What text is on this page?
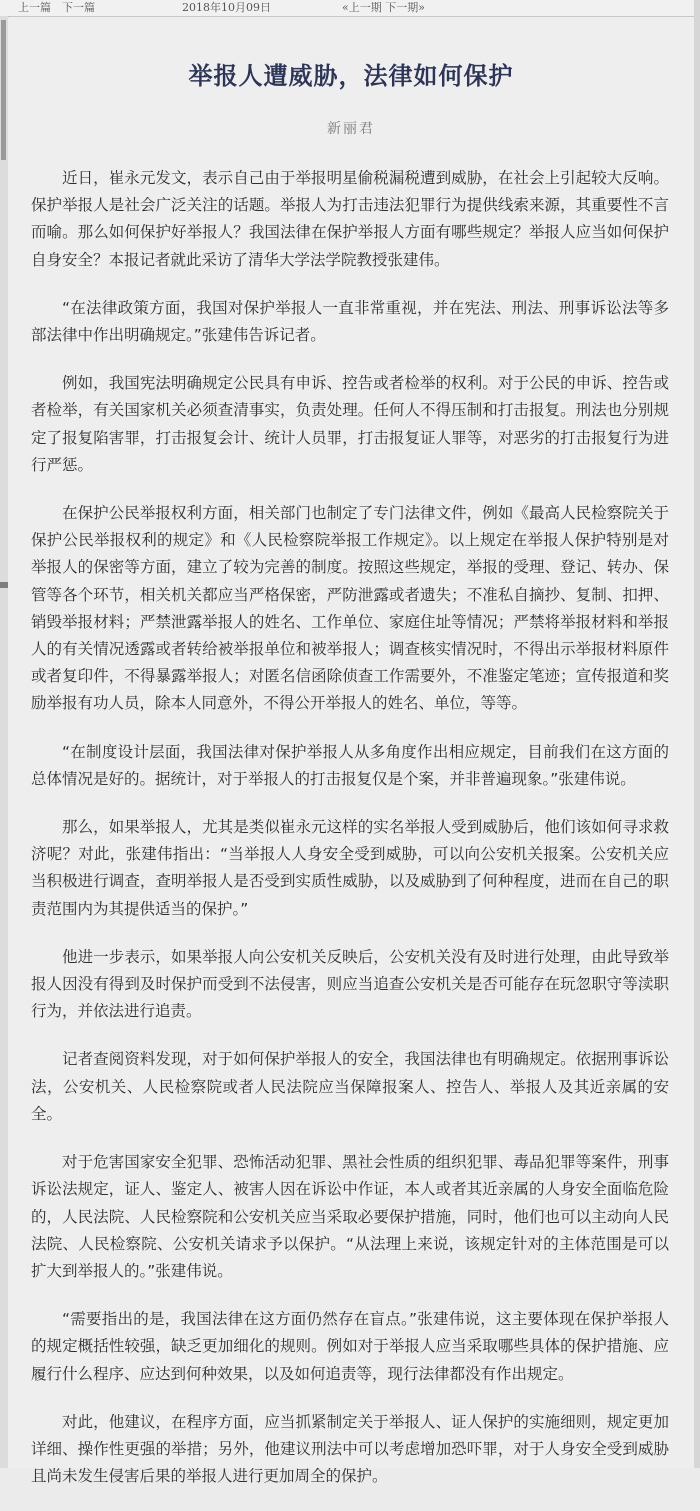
上一篇 下一篇	2018年10月09日	«上一期 下一期»
举报人遭威胁，法律如何保护
新丽君

近日，崔永元发文，表示自己由于举报明星偷税漏税遭到威胁，在社会上引起较大反响。保护举报人是社会广泛关注的话题。举报人为打击违法犯罪行为提供线索来源，其重要性不言而喻。那么如何保护好举报人？我国法律在保护举报人方面有哪些规定？举报人应当如何保护自身安全？本报记者就此采访了清华大学法学院教授张建伟。

“在法律政策方面，我国对保护举报人一直非常重视，并在宪法、刑法、刑事诉讼法等多部法律中作出明确规定。”张建伟告诉记者。

例如，我国宪法明确规定公民具有申诉、控告或者检举的权利。对于公民的申诉、控告或者检举，有关国家机关必须查清事实，负责处理。任何人不得压制和打击报复。刑法也分别规定了报复陷害罪，打击报复会计、统计人员罪，打击报复证人罪等，对恶劣的打击报复行为进行严惩。

在保护公民举报权利方面，相关部门也制定了专门法律文件，例如《最高人民检察院关于保护公民举报权利的规定》和《人民检察院举报工作规定》。以上规定在举报人保护特别是对举报人的保密等方面，建立了较为完善的制度。按照这些规定，举报的受理、登记、转办、保管等各个环节，相关机关都应当严格保密，严防泄露或者遗失；不准私自摘抄、复制、扣押、销毁举报材料；严禁泄露举报人的姓名、工作单位、家庭住址等情况；严禁将举报材料和举报人的有关情况透露或者转给被举报单位和被举报人；调查核实情况时，不得出示举报材料原件或者复印件，不得暴露举报人；对匿名信函除侦查工作需要外，不准鉴定笔迹；宣传报道和奖励举报有功人员，除本人同意外，不得公开举报人的姓名、单位，等等。

“在制度设计层面，我国法律对保护举报人从多角度作出相应规定，目前我们在这方面的总体情况是好的。据统计，对于举报人的打击报复仅是个案，并非普遍现象。”张建伟说。

那么，如果举报人，尤其是类似崔永元这样的实名举报人受到威胁后，他们该如何寻求救济呢？对此，张建伟指出：“当举报人人身安全受到威胁，可以向公安机关报案。公安机关应当积极进行调查，查明举报人是否受到实质性威胁，以及威胁到了何种程度，进而在自己的职责范围内为其提供适当的保护。”

他进一步表示，如果举报人向公安机关反映后，公安机关没有及时进行处理，由此导致举报人因没有得到及时保护而受到不法侵害，则应当追查公安机关是否可能存在玩忽职守等渎职行为，并依法进行追责。

记者查阅资料发现，对于如何保护举报人的安全，我国法律也有明确规定。依据刑事诉讼法，公安机关、人民检察院或者人民法院应当保障报案人、控告人、举报人及其近亲属的安全。

对于危害国家安全犯罪、恐怖活动犯罪、黑社会性质的组织犯罪、毒品犯罪等案件，刑事诉讼法规定，证人、鉴定人、被害人因在诉讼中作证，本人或者其近亲属的人身安全面临危险的，人民法院、人民检察院和公安机关应当采取必要保护措施，同时，他们也可以主动向人民法院、人民检察院、公安机关请求予以保护。“从法理上来说，该规定针对的主体范围是可以扩大到举报人的。”张建伟说。

“需要指出的是，我国法律在这方面仍然存在盲点。”张建伟说，这主要体现在保护举报人的规定概括性较强，缺乏更加细化的规则。例如对于举报人应当采取哪些具体的保护措施、应履行什么程序、应达到何种效果，以及如何追责等，现行法律都没有作出规定。

对此，他建议，在程序方面，应当抓紧制定关于举报人、证人保护的实施细则，规定更加详细、操作性更强的举措；另外，他建议刑法中可以考虑增加恐吓罪，对于人身安全受到威胁且尚未发生侵害后果的举报人进行更加周全的保护。
